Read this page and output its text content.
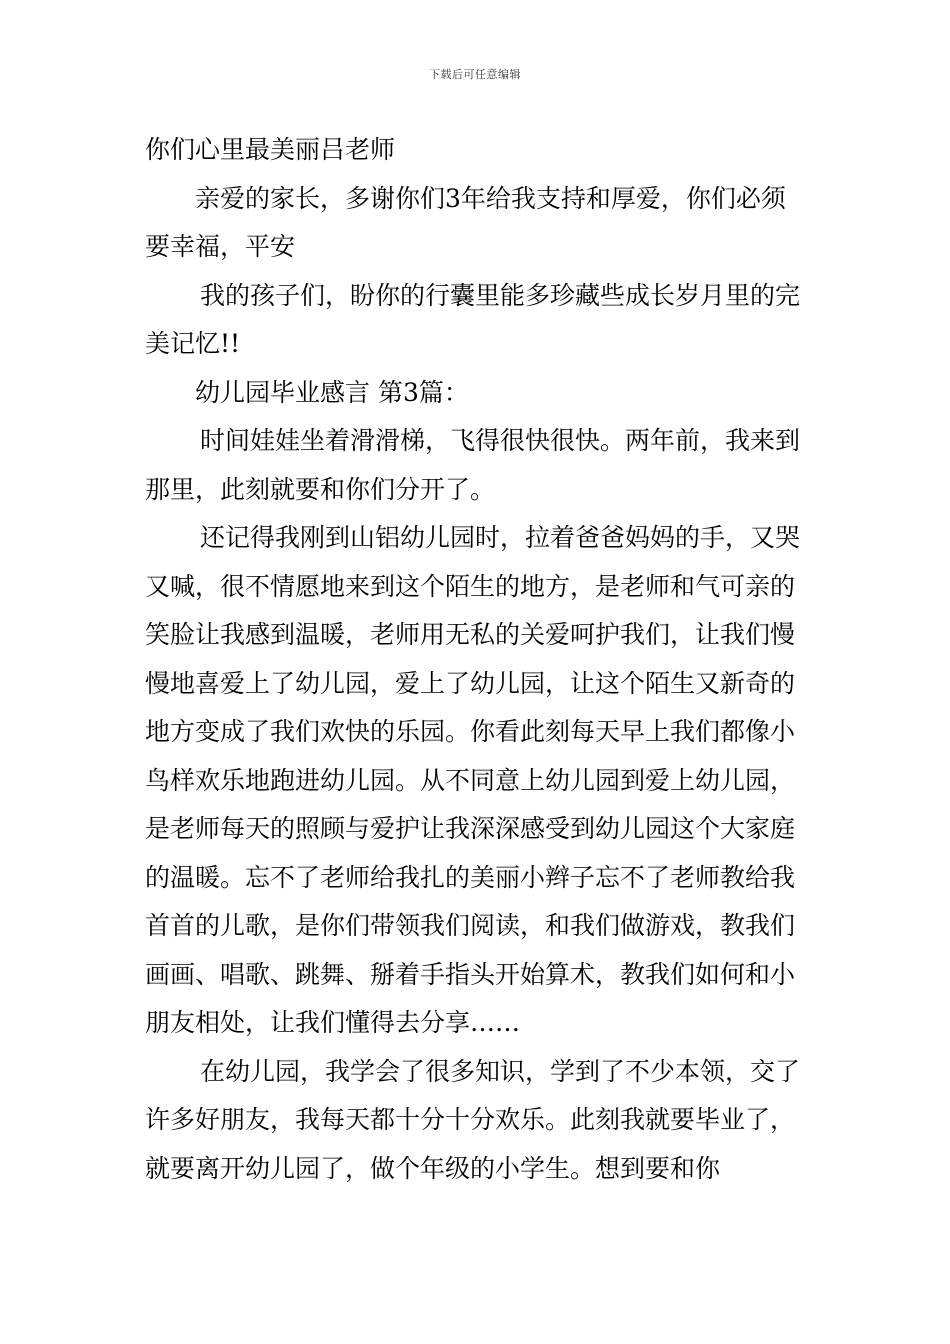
下载后可任意编辑

你们心里最美丽吕老师

亲爱的家长，多谢你们3年给我支持和厚爱，你们必须要幸福，平安

我的孩子们，盼你的行囊里能多珍藏些成长岁月里的完美记忆!!

幼儿园毕业感言 第3篇：

时间娃娃坐着滑滑梯，飞得很快很快。两年前，我来到那里，此刻就要和你们分开了。

还记得我刚到山铝幼儿园时，拉着爸爸妈妈的手，又哭又喊，很不情愿地来到这个陌生的地方，是老师和气可亲的笑脸让我感到温暖，老师用无私的关爱呵护我们，让我们慢慢地喜爱上了幼儿园，爱上了幼儿园，让这个陌生又新奇的地方变成了我们欢快的乐园。你看此刻每天早上我们都像小鸟样欢乐地跑进幼儿园。从不同意上幼儿园到爱上幼儿园，是老师每天的照顾与爱护让我深深感受到幼儿园这个大家庭的温暖。忘不了老师给我扎的美丽小辫子忘不了老师教给我首首的儿歌，是你们带领我们阅读，和我们做游戏，教我们画画、唱歌、跳舞、掰着手指头开始算术，教我们如何和小朋友相处，让我们懂得去分享……

在幼儿园，我学会了很多知识，学到了不少本领，交了许多好朋友，我每天都十分十分欢乐。此刻我就要毕业了，就要离开幼儿园了，做个年级的小学生。想到要和你
